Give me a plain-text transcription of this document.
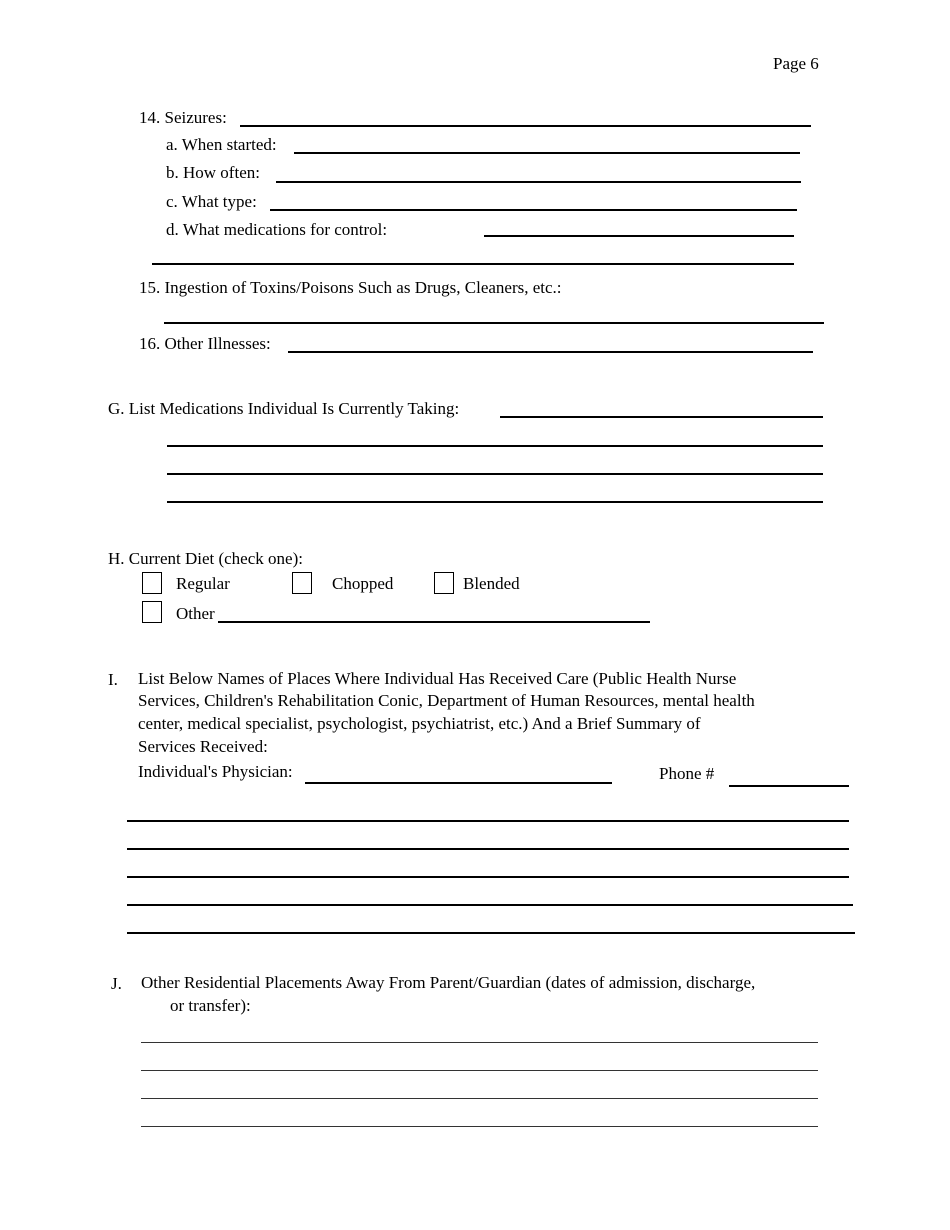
Page 6
14. Seizures:
a. When started:
b. How often:
c. What type:
d. What medications for control:
15. Ingestion of Toxins/Poisons Such as Drugs, Cleaners, etc.:
16. Other Illnesses:
G. List Medications Individual Is Currently Taking:
H. Current Diet (check one):
Regular	Chopped	Blended
Other
I. List Below Names of Places Where Individual Has Received Care (Public Health Nurse
Services, Children's Rehabilitation Conic, Department of Human Resources, mental health
center, medical specialist, psychologist, psychiatrist, etc.) And a Brief Summary of
Services Received:
Individual's Physician:	Phone #
J. Other Residential Placements Away From Parent/Guardian (dates of admission, discharge,
or transfer):
